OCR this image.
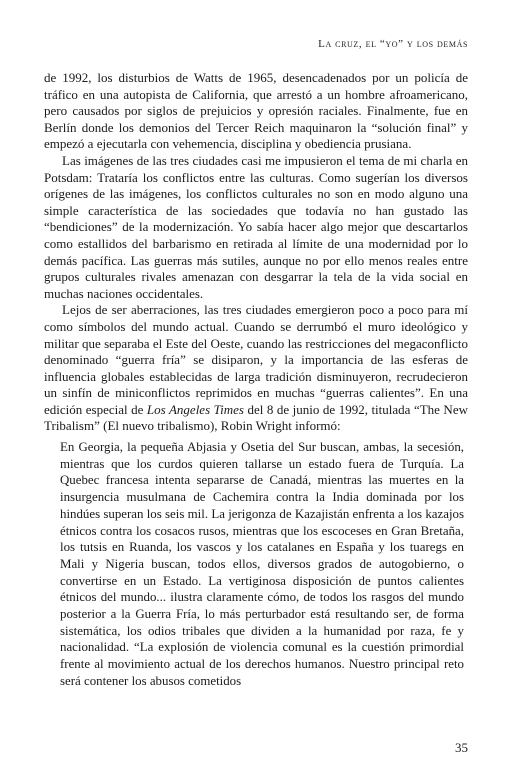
La cruz, el “yo” y los demás

de 1992, los disturbios de Watts de 1965, desencadenados por un policía de tráfico en una autopista de California, que arrestó a un hombre afroamericano, pero causados por siglos de prejuicios y opresión raciales. Finalmente, fue en Berlín donde los demonios del Tercer Reich maquinaron la “solución final” y empezó a ejecutarla con vehemencia, disciplina y obediencia prusiana.

Las imágenes de las tres ciudades casi me impusieron el tema de mi charla en Potsdam: Trataría los conflictos entre las culturas. Como sugerían los diversos orígenes de las imágenes, los conflictos culturales no son en modo alguno una simple característica de las sociedades que todavía no han gustado las “bendiciones” de la modernización. Yo sabía hacer algo mejor que descartarlos como estallidos del barbarismo en retirada al límite de una modernidad por lo demás pacífica. Las guerras más sutiles, aunque no por ello menos reales entre grupos culturales rivales amenazan con desgarrar la tela de la vida social en muchas naciones occidentales.

Lejos de ser aberraciones, las tres ciudades emergieron poco a poco para mí como símbolos del mundo actual. Cuando se derrumbó el muro ideológico y militar que separaba el Este del Oeste, cuando las restricciones del megaconflicto denominado “guerra fría” se disiparon, y la importancia de las esferas de influencia globales establecidas de larga tradición disminuyeron, recrudecieron un sinfín de miniconflictos reprimidos en muchas “guerras calientes”. En una edición especial de Los Angeles Times del 8 de junio de 1992, titulada “The New Tribalism” (El nuevo tribalismo), Robin Wright informó:

En Georgia, la pequeña Abjasia y Osetia del Sur buscan, ambas, la secesión, mientras que los curdos quieren tallarse un estado fuera de Turquía. La Quebec francesa intenta separarse de Canadá, mientras las muertes en la insurgencia musulmana de Cachemira contra la India dominada por los hindúes superan los seis mil. La jerigonza de Kazajistán enfrenta a los kazajos étnicos contra los cosacos rusos, mientras que los escoceses en Gran Bretaña, los tutsis en Ruanda, los vascos y los catalanes en España y los tuaregs en Mali y Nigeria buscan, todos ellos, diversos grados de autogobierno, o convertirse en un Estado. La vertiginosa disposición de puntos calientes étnicos del mundo... ilustra claramente cómo, de todos los rasgos del mundo posterior a la Guerra Fría, lo más perturbador está resultando ser, de forma sistemática, los odios tribales que dividen a la humanidad por raza, fe y nacionalidad. “La explosión de violencia comunal es la cuestión primordial frente al movimiento actual de los derechos humanos. Nuestro principal reto será contener los abusos cometidos

35
